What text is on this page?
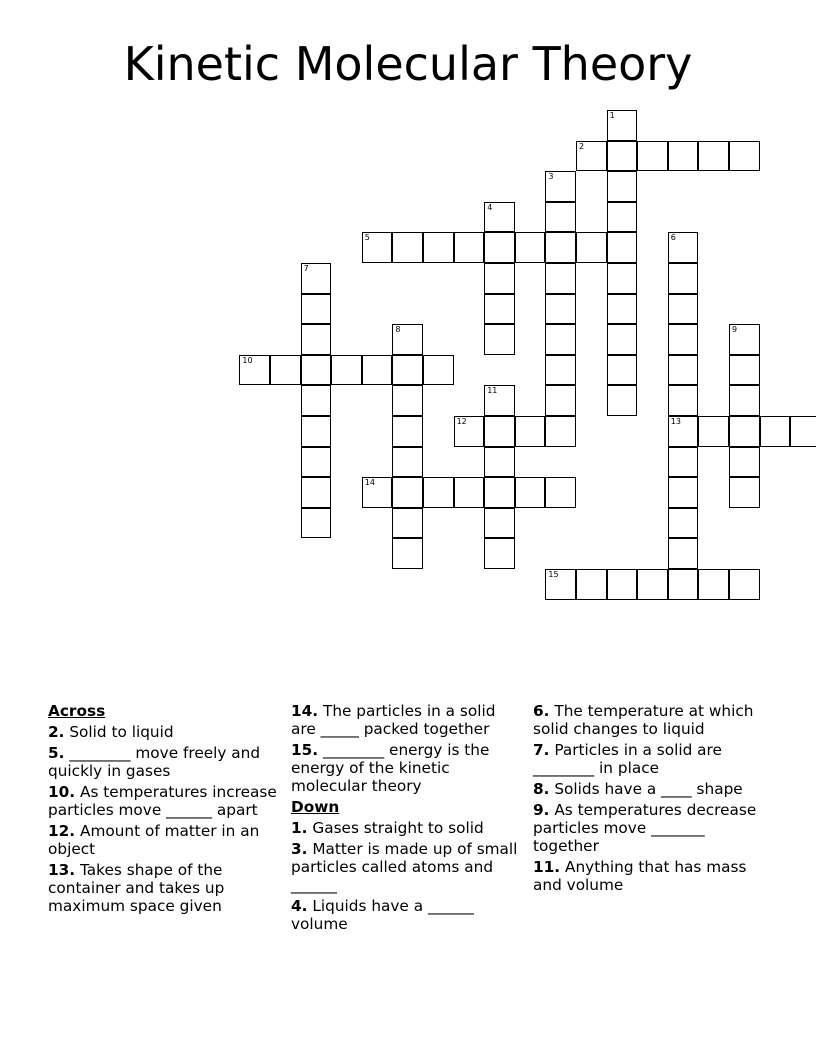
Kinetic Molecular Theory
1
2
3
4
5	6
7
8	9
10
11
12	13
14
15
Across
2. Solid to liquid
5. ________ move freely and quickly in gases
10. As temperatures increase particles move ______ apart
12. Amount of matter in an object
13. Takes shape of the container and takes up maximum space given
14. The particles in a solid are _____ packed together
15. ________ energy is the energy of the kinetic molecular theory
Down
1. Gases straight to solid
3. Matter is made up of small particles called atoms and ______
4. Liquids have a ______ volume
6. The temperature at which solid changes to liquid
7. Particles in a solid are ________ in place
8. Solids have a ____ shape
9. As temperatures decrease particles move _______ together
11. Anything that has mass and volume
